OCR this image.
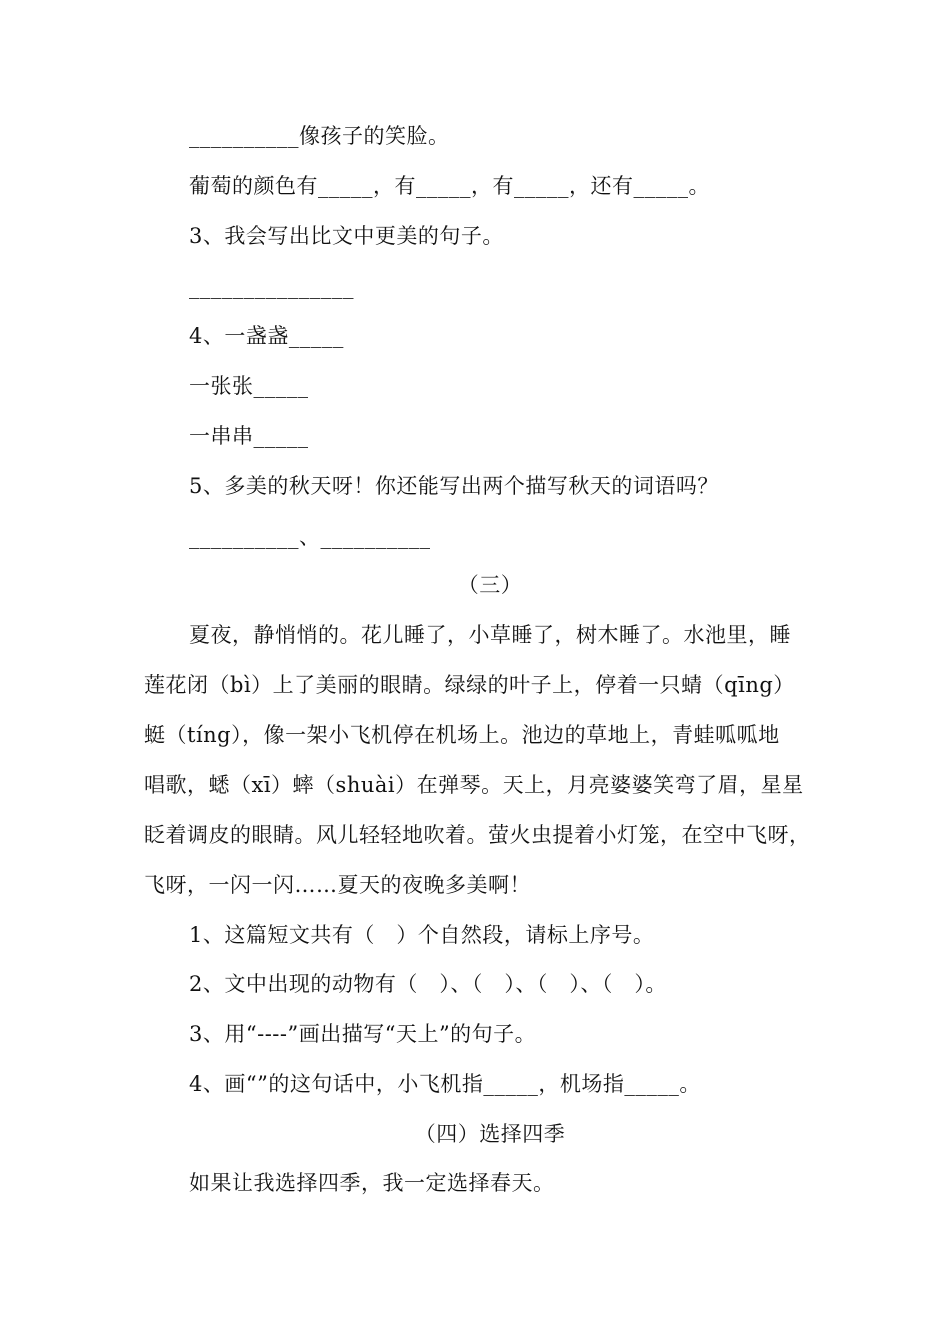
__________像孩子的笑脸。
葡萄的颜色有_____，有_____，有_____，还有_____。
3、我会写出比文中更美的句子。
_______________
4、一盏盏_____
一张张_____
一串串_____
5、多美的秋天呀！你还能写出两个描写秋天的词语吗？
__________、__________
（三）
夏夜，静悄悄的。花儿睡了，小草睡了，树木睡了。水池里，睡
莲花闭（bì）上了美丽的眼睛。绿绿的叶子上，停着一只蜻（qīng）
蜓（tíng），像一架小飞机停在机场上。池边的草地上，青蛙呱呱地
唱歌，蟋（xī）蟀（shuài）在弹琴。天上，月亮婆婆笑弯了眉，星星
眨着调皮的眼睛。风儿轻轻地吹着。萤火虫提着小灯笼，在空中飞呀，
飞呀，一闪一闪……夏天的夜晚多美啊！
1、这篇短文共有（　）个自然段，请标上序号。
2、文中出现的动物有（　）、（　）、（　）、（　）。
3、用“----”画出描写“天上”的句子。
4、画“”的这句话中，小飞机指_____，机场指_____。
（四）选择四季
如果让我选择四季，我一定选择春天。
